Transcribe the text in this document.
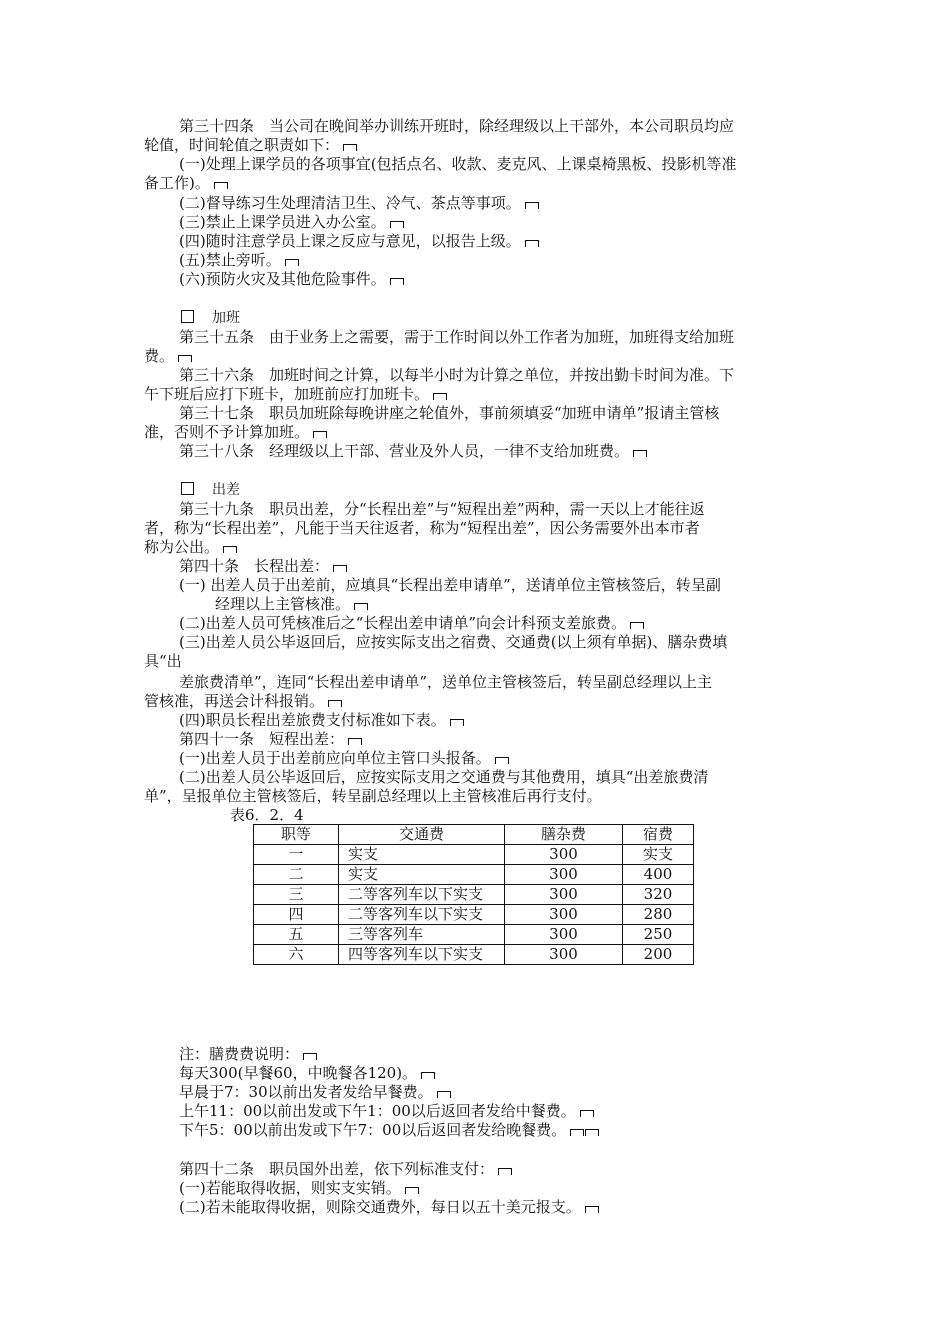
第三十四条　当公司在晚间举办训练开班时，除经理级以上干部外，本公司职员均应
轮值，时间轮值之职责如下：
(一)处理上课学员的各项事宜(包括点名、收款、麦克风、上课桌椅黑板、投影机等准
备工作)。
(二)督导练习生处理清洁卫生、冷气、茶点等事项。
(三)禁止上课学员进入办公室。
(四)随时注意学员上课之反应与意见，以报告上级。
(五)禁止旁听。
(六)预防火灾及其他危险事件。
加班
第三十五条　由于业务上之需要，需于工作时间以外工作者为加班，加班得支给加班
费。
第三十六条　加班时间之计算，以每半小时为计算之单位，并按出勤卡时间为准。下
午下班后应打下班卡，加班前应打加班卡。
第三十七条　职员加班除每晚讲座之轮值外，事前须填妥“加班申请单”报请主管核
准，否则不予计算加班。
第三十八条　经理级以上干部、营业及外人员，一律不支给加班费。
出差
第三十九条　职员出差，分“长程出差”与“短程出差”两种，需一天以上才能往返
者，称为“长程出差”，凡能于当天往返者，称为“短程出差”，因公务需要外出本市者
称为公出。
第四十条　长程出差：
(一) 出差人员于出差前，应填具“长程出差申请单”，送请单位主管核签后，转呈副
经理以上主管核准。
(二)出差人员可凭核准后之“长程出差申请单”向会计科预支差旅费。
(三)出差人员公毕返回后，应按实际支出之宿费、交通费(以上须有单据)、膳杂费填
具“出
差旅费清单”，连同“长程出差申请单”，送单位主管核签后，转呈副总经理以上主
管核准，再送会计科报销。
(四)职员长程出差旅费支付标准如下表。
第四十一条　短程出差：
(一)出差人员于出差前应向单位主管口头报备。
(二)出差人员公毕返回后，应按实际支用之交通费与其他费用，填具“出差旅费清
单”，呈报单位主管核签后，转呈副总经理以上主管核准后再行支付。
表6．2．4
职等	交通费	膳杂费	宿费
一	实支	300	实支
二	实支	300	400
三	二等客列车以下实支	300	320
四	二等客列车以下实支	300	280
五	三等客列车	300	250
六	四等客列车以下实支	300	200
注：膳费费说明：
每天300(早餐60，中晚餐各120)。
早晨于7：30以前出发者发给早餐费。
上午11：00以前出发或下午1：00以后返回者发给中餐费。
下午5：00以前出发或下午7：00以后返回者发给晚餐费。
第四十二条　职员国外出差，依下列标准支付：
(一)若能取得收据，则实支实销。
(二)若未能取得收据，则除交通费外，每日以五十美元报支。
